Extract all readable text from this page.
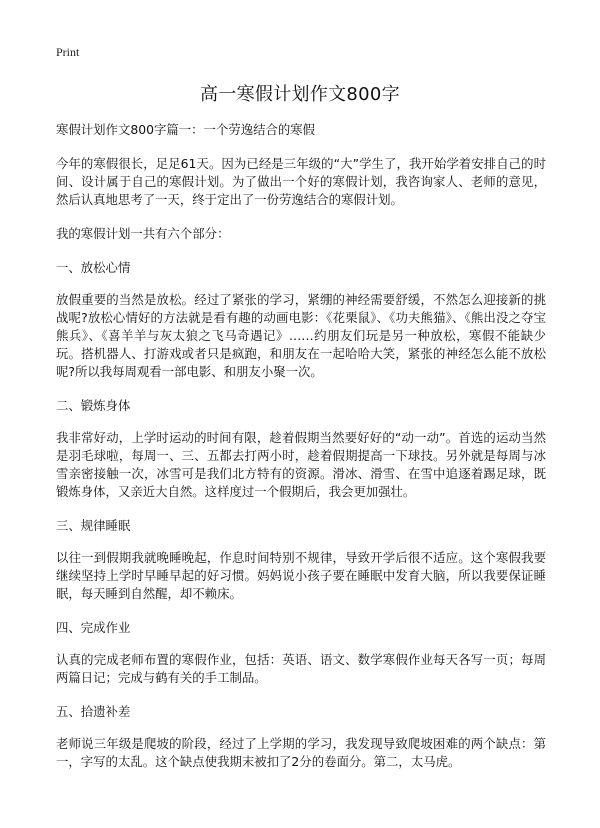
Print
高一寒假计划作文800字

寒假计划作文800字篇一：一个劳逸结合的寒假

今年的寒假很长，足足61天。因为已经是三年级的“大”学生了，我开始学着安排自己的时间、设计属于自己的寒假计划。为了做出一个好的寒假计划，我咨询家人、老师的意见，然后认真地思考了一天，终于定出了一份劳逸结合的寒假计划。

我的寒假计划一共有六个部分：

一、放松心情

放假重要的当然是放松。经过了紧张的学习，紧绷的神经需要舒缓，不然怎么迎接新的挑战呢?放松心情好的方法就是看有趣的动画电影：《花栗鼠》、《功夫熊猫》、《熊出没之夺宝熊兵》、《喜羊羊与灰太狼之飞马奇遇记》……约朋友们玩是另一种放松，寒假不能缺少玩。搭机器人、打游戏或者只是疯跑，和朋友在一起哈哈大笑，紧张的神经怎么能不放松呢?所以我每周观看一部电影、和朋友小聚一次。

二、锻炼身体

我非常好动，上学时运动的时间有限，趁着假期当然要好好的“动一动”。首选的运动当然是羽毛球啦，每周一、三、五都去打两小时，趁着假期提高一下球技。另外就是每周与冰雪亲密接触一次，冰雪可是我们北方特有的资源。滑冰、滑雪、在雪中追逐着踢足球，既锻炼身体，又亲近大自然。这样度过一个假期后，我会更加强壮。

三、规律睡眠

以往一到假期我就晚睡晚起，作息时间特别不规律，导致开学后很不适应。这个寒假我要继续坚持上学时早睡早起的好习惯。妈妈说小孩子要在睡眠中发育大脑，所以我要保证睡眠，每天睡到自然醒，却不赖床。

四、完成作业

认真的完成老师布置的寒假作业，包括：英语、语文、数学寒假作业每天各写一页；每周两篇日记；完成与鹤有关的手工制品。

五、拾遗补差

老师说三年级是爬坡的阶段，经过了上学期的学习，我发现导致爬坡困难的两个缺点：第一，字写的太乱。这个缺点使我期末被扣了2分的卷面分。第二，太马虎。
